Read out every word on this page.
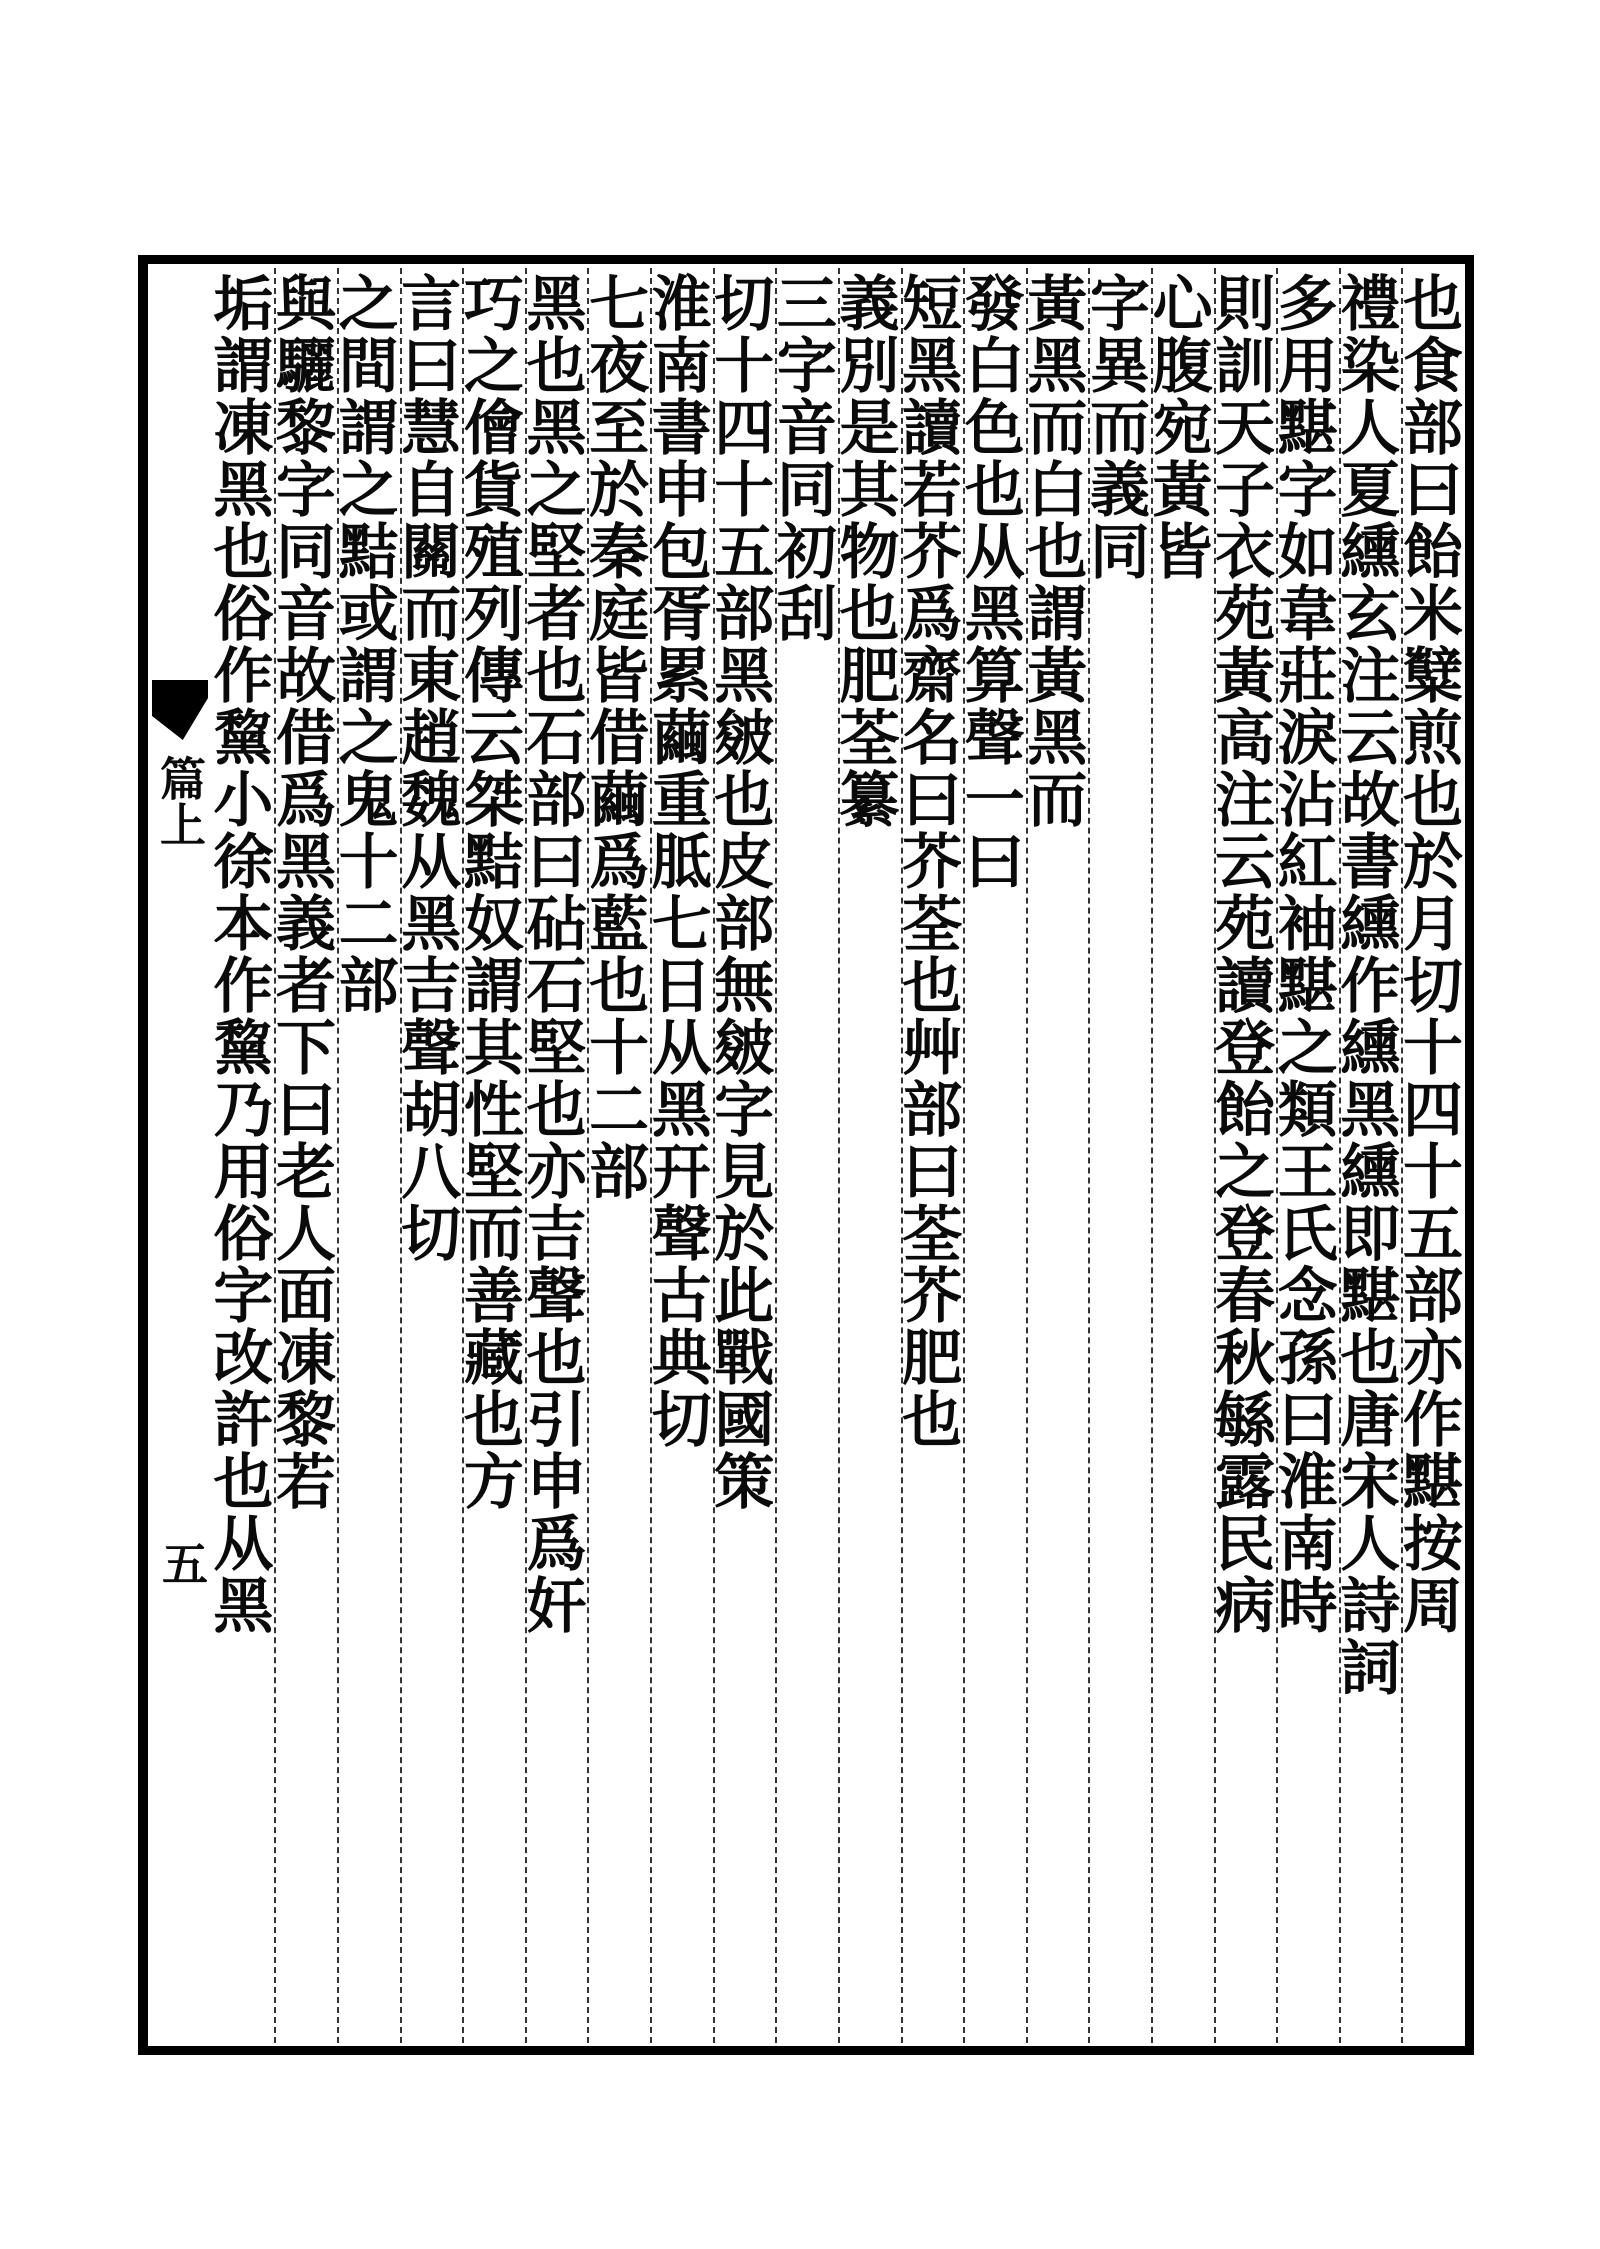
篇上
五	也食部曰飴米糱煎也於月切十四十五部亦作黮按周
禮染人夏纁玄注云故書纁作纁黑纁即黮也唐宋人詩詞
多用黮字如韋莊淚沾紅袖黮之類王氏念孫曰淮南時
則訓天子衣苑黃高注云苑讀登飴之登春秋緐露民病
心腹宛黃皆
字異而義同
黃黑而白也謂黃黑而
發白色也从黑算聲一曰
短黑讀若芥爲齋名曰芥荃也艸部曰荃芥肥也
義別是其物也肥荃纂
三字音同初刮
切十四十五部黑皴也皮部無皴字見於此戰國策
淮南書申包胥累繭重胝七日从黑幵聲古典切
七夜至於秦庭皆借繭爲藍也十二部
黑也黑之堅者也石部曰砧石堅也亦吉聲也引申爲奸
巧之儈貨殖列傳云桀黠奴謂其性堅而善藏也方
言曰慧自關而東趙魏从黑吉聲胡八切
之間謂之黠或謂之鬼十二部
與驪黎字同音故借爲黑義者下曰老人面凍黎若
垢謂凍黑也俗作黧小徐本作黧乃用俗字改許也从黑
